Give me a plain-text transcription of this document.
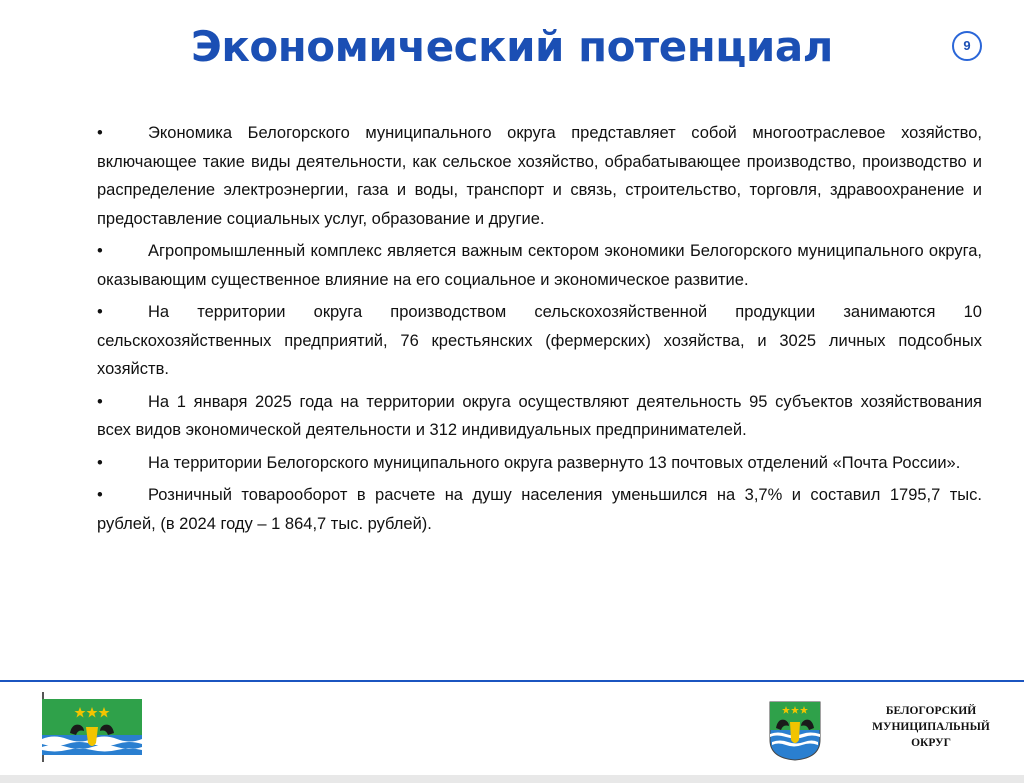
Экономический потенциал	9
•	Экономика Белогорского муниципального округа представляет собой многоотраслевое хозяйство, включающее такие виды деятельности, как сельское хозяйство, обрабатывающее производство, производство и распределение электроэнергии, газа и воды, транспорт и связь, строительство, торговля, здравоохранение и предоставление социальных услуг, образование и другие.
•	Агропромышленный комплекс является важным сектором экономики Белогорского муниципального округа, оказывающим существенное влияние на его социальное и экономическое развитие.
•	На территории округа производством сельскохозяйственной продукции занимаются 10 сельскохозяйственных предприятий, 76 крестьянских (фермерских) хозяйства, и 3025 личных подсобных хозяйств.
•	На 1 января 2025 года на территории округа осуществляют деятельность 95 субъектов хозяйствования всех видов экономической деятельности и 312 индивидуальных предпринимателей.
•	На территории Белогорского муниципального округа развернуто 13 почтовых отделений «Почта России».
•	Розничный товарооборот в расчете на душу населения уменьшился на 3,7% и составил 1795,7 тыс. рублей, (в 2024 году – 1 864,7 тыс. рублей).
БЕЛОГОРСКИЙ
МУНИЦИПАЛЬНЫЙ
ОКРУГ
